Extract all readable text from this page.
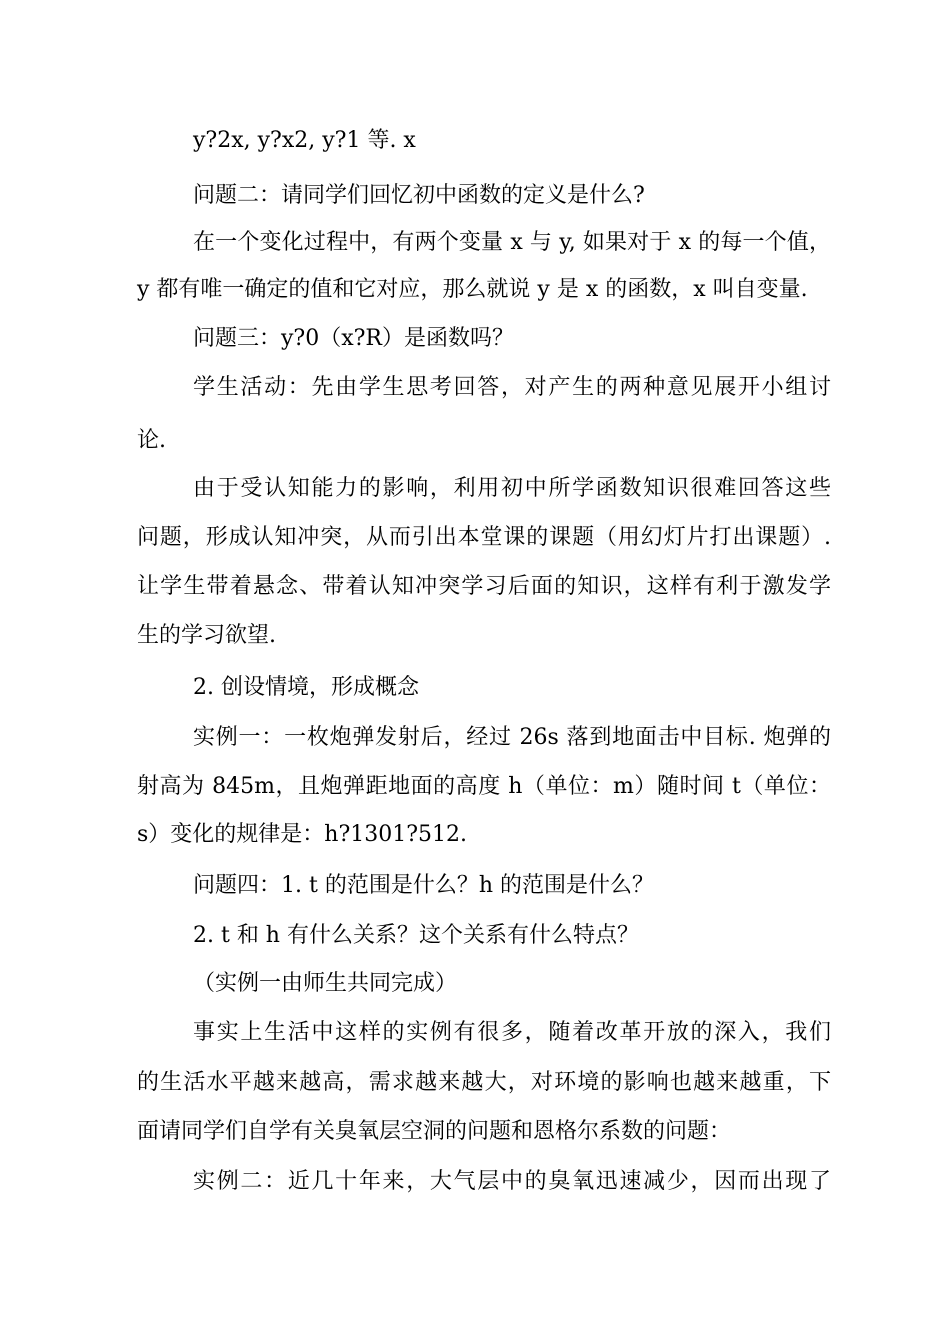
y?2x, y?x2, y?1 等. x
问题二：请同学们回忆初中函数的定义是什么?
在一个变化过程中，有两个变量 x 与 y, 如果对于 x 的每一个值，
y 都有唯一确定的值和它对应，那么就说 y 是 x 的函数，x 叫自变量.
问题三：y?0（x?R）是函数吗？
学生活动：先由学生思考回答，对产生的两种意见展开小组讨
论.
由于受认知能力的影响，利用初中所学函数知识很难回答这些
问题，形成认知冲突，从而引出本堂课的课题（用幻灯片打出课题）.
让学生带着悬念、带着认知冲突学习后面的知识，这样有利于激发学
生的学习欲望.
2. 创设情境，形成概念
实例一：一枚炮弹发射后，经过 26s 落到地面击中目标. 炮弹的
射高为 845m，且炮弹距地面的高度 h（单位：m）随时间 t（单位：
s）变化的规律是：h?1301?512.
问题四：1. t 的范围是什么？h 的范围是什么？
2. t 和 h 有什么关系？这个关系有什么特点？
（实例一由师生共同完成）
事实上生活中这样的实例有很多，随着改革开放的深入，我们
的生活水平越来越高，需求越来越大，对环境的影响也越来越重，下
面请同学们自学有关臭氧层空洞的问题和恩格尔系数的问题：
实例二：近几十年来，大气层中的臭氧迅速减少，因而出现了
